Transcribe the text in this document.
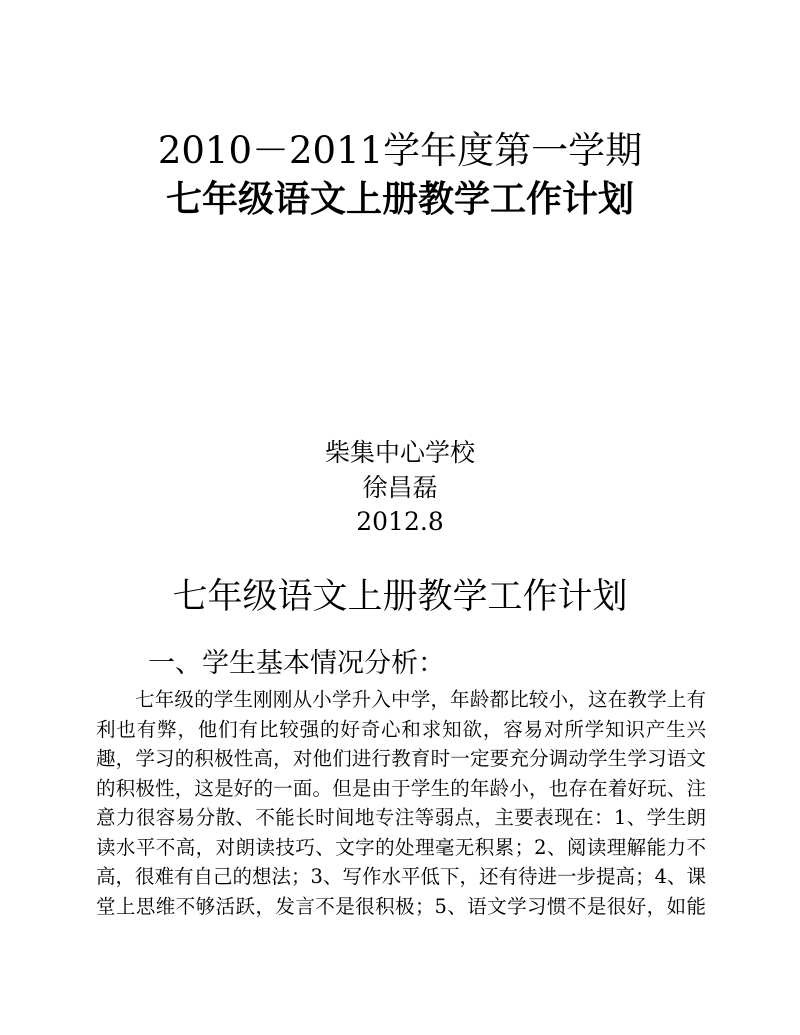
2010－2011学年度第一学期
七年级语文上册教学工作计划
柴集中心学校
徐昌磊
2012.8
七年级语文上册教学工作计划
一、学生基本情况分析：
七年级的学生刚刚从小学升入中学，年龄都比较小，这在教学上有
利也有弊，他们有比较强的好奇心和求知欲，容易对所学知识产生兴
趣，学习的积极性高，对他们进行教育时一定要充分调动学生学习语文
的积极性，这是好的一面。但是由于学生的年龄小，也存在着好玩、注
意力很容易分散、不能长时间地专注等弱点，主要表现在：1、学生朗
读水平不高，对朗读技巧、文字的处理毫无积累；2、阅读理解能力不
高，很难有自己的想法；3、写作水平低下，还有待进一步提高；4、课
堂上思维不够活跃，发言不是很积极；5、语文学习惯不是很好，如能
